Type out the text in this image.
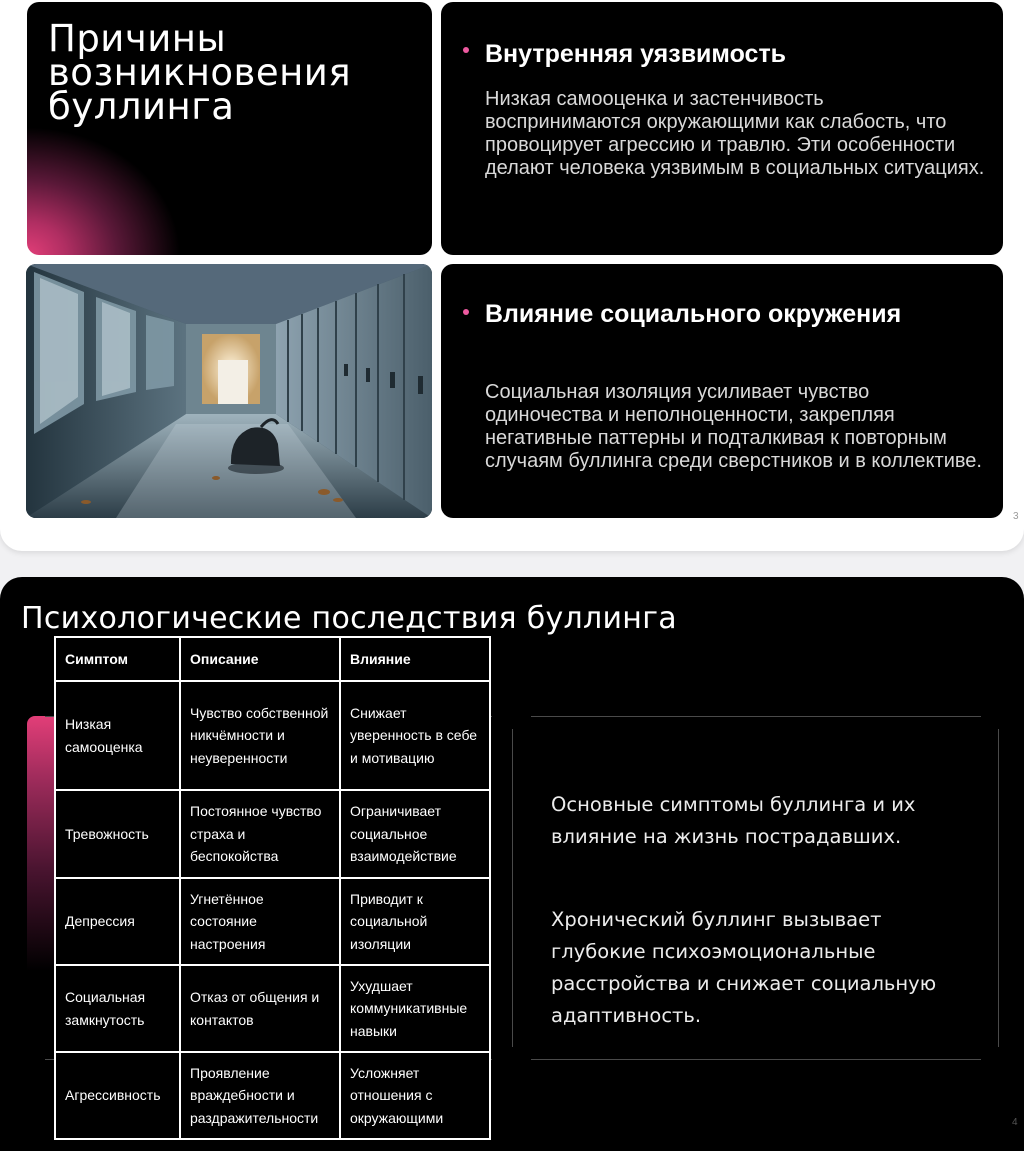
Причины возникновения буллинга
Внутренняя уязвимость
Низкая самооценка и застенчивость воспринимаются окружающими как слабость, что провоцирует агрессию и травлю. Эти особенности делают человека уязвимым в социальных ситуациях.
Влияние социального окружения
Социальная изоляция усиливает чувство одиночества и неполноценности, закрепляя негативные паттерны и подталкивая к повторным случаям буллинга среди сверстников и в коллективе.
3
Психологические последствия буллинга
Симптом	Описание	Влияние
Низкая самооценка	Чувство собственной никчёмности и неуверенности	Снижает уверенность в себе и мотивацию
Тревожность	Постоянное чувство страха и беспокойства	Ограничивает социальное взаимодействие
Депрессия	Угнетённое состояние настроения	Приводит к социальной изоляции
Социальная замкнутость	Отказ от общения и контактов	Ухудшает коммуникативные навыки
Агрессивность	Проявление враждебности и раздражительности	Усложняет отношения с окружающими
Основные симптомы буллинга и их влияние на жизнь пострадавших.
Хронический буллинг вызывает глубокие психоэмоциональные расстройства и снижает социальную адаптивность.
4
